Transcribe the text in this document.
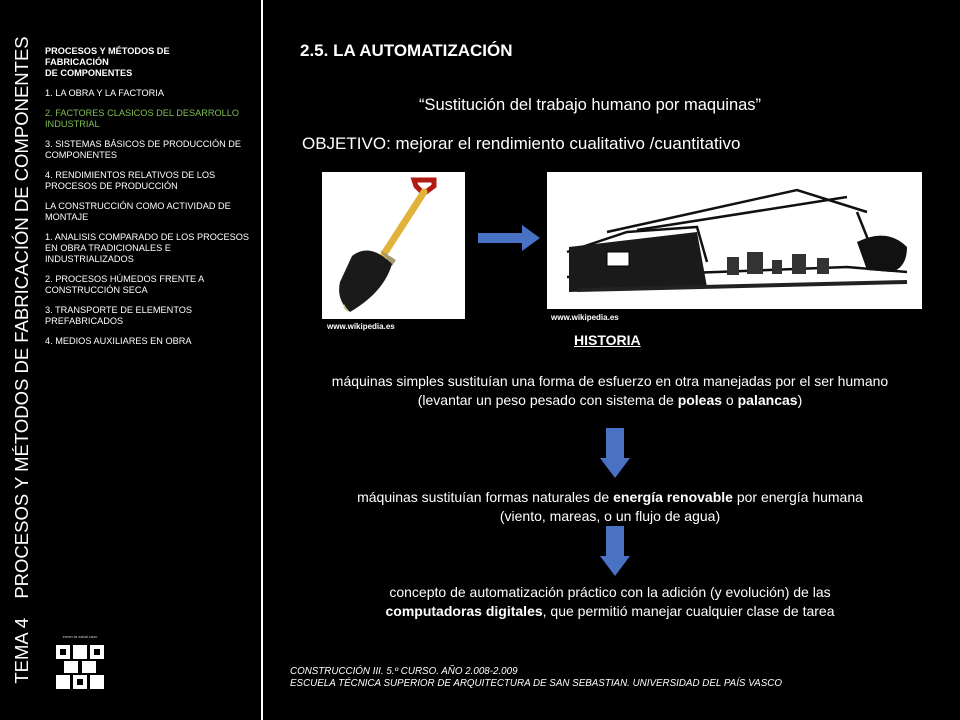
TEMA 4 PROCESOS Y MÉTODOS DE FABRICACIÓN DE COMPONENTES PROCESOS Y MÉTODOS DE
FABRICACIÓN
DE COMPONENTES
1. LA OBRA Y LA FACTORIA
2. FACTORES CLASICOS DEL DESARROLLO INDUSTRIAL
3. SISTEMAS BÁSICOS DE PRODUCCIÓN DE COMPONENTES
4. RENDIMIENTOS RELATIVOS DE LOS PROCESOS DE PRODUCCIÓN
LA CONSTRUCCIÓN COMO ACTIVIDAD DE MONTAJE
1. ANALISIS COMPARADO DE LOS PROCESOS EN OBRA TRADICIONALES E INDUSTRIALIZADOS
2. PROCESOS HÚMEDOS FRENTE A CONSTRUCCIÓN SECA
3. TRANSPORTE DE ELEMENTOS PREFABRICADOS
4. MEDIOS AUXILIARES EN OBRA
eman ta zabal zazu
2.5. LA AUTOMATIZACIÓN
“Sustitución del trabajo humano por maquinas”
OBJETIVO: mejorar el rendimiento cualitativo /cuantitativo
www.wikipedia.es
www.wikipedia.es
HISTORIA
máquinas simples sustituían una forma de esfuerzo en otra manejadas por el ser humano
(levantar un peso pesado con sistema de poleas o palancas)
máquinas sustituían formas naturales de energía renovable por energía humana
(viento, mareas, o un flujo de agua)
concepto de automatización práctico con la adición (y evolución) de las
computadoras digitales, que permitió manejar cualquier clase de tarea
CONSTRUCCIÓN III. 5.º CURSO. AÑO 2.008-2.009
ESCUELA TÉCNICA SUPERIOR DE ARQUITECTURA DE SAN SEBASTIAN. UNIVERSIDAD DEL PAÍS VASCO
